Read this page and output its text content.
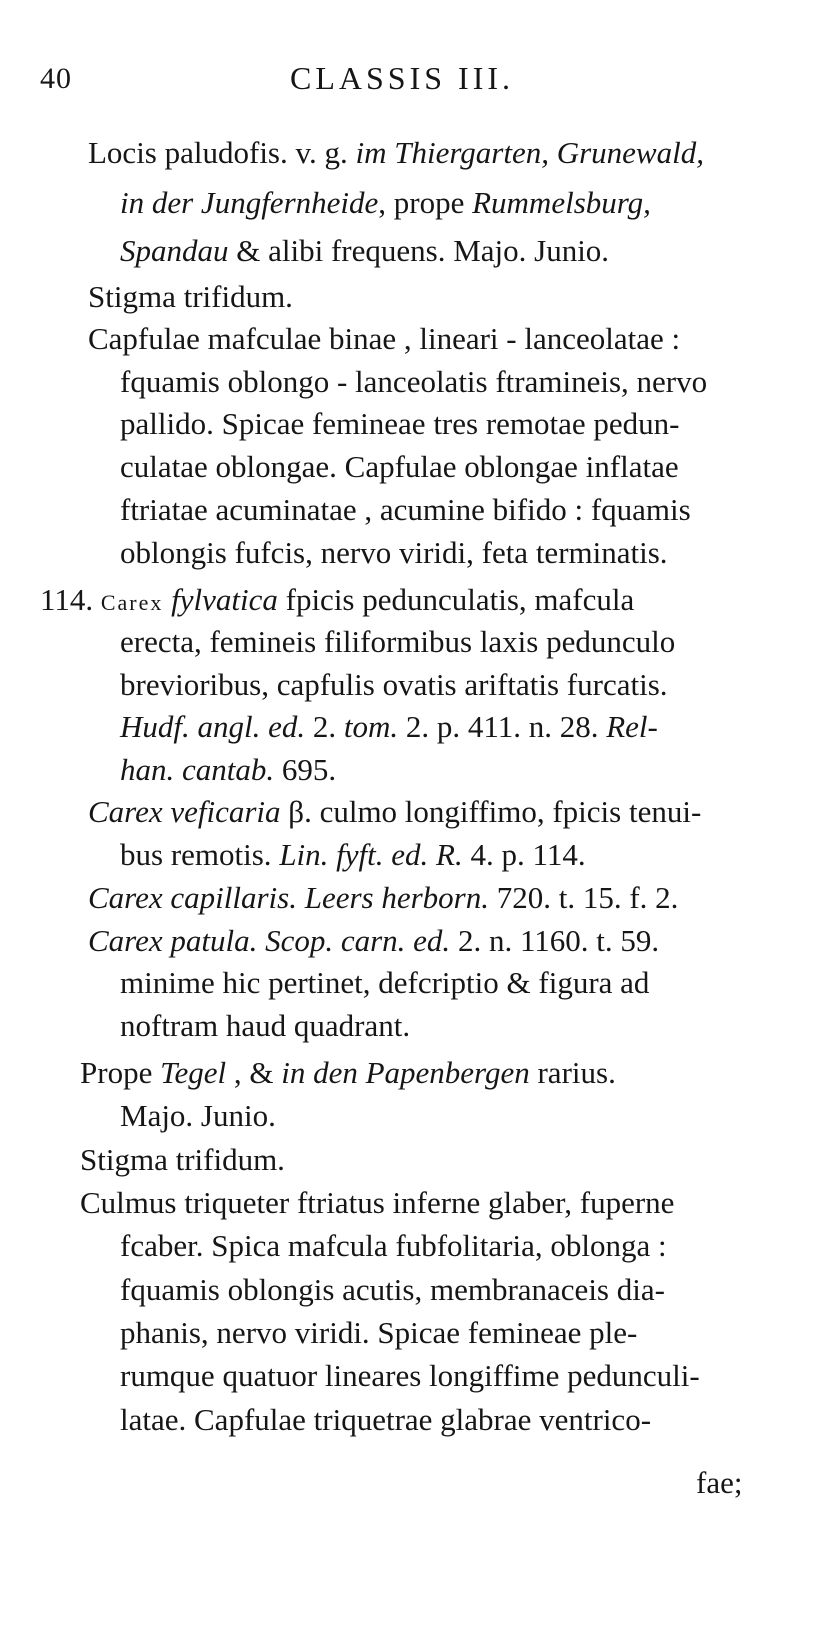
40	CLASSIS III.
Locis paludofis. v. g. im Thiergarten, Grunewald,
in der Jungfernheide, prope Rummelsburg,
Spandau & alibi frequens. Majo. Junio.
Stigma trifidum.
Capfulae mafculae binae , lineari - lanceolatae :
fquamis oblongo - lanceolatis ftramineis, nervo
pallido. Spicae femineae tres remotae pedun-
culatae oblongae. Capfulae oblongae inflatae
ftriatae acuminatae , acumine bifido : fquamis
oblongis fufcis, nervo viridi, feta terminatis.
114. Carex fylvatica fpicis pedunculatis, mafcula
erecta, femineis filiformibus laxis pedunculo
brevioribus, capfulis ovatis ariftatis furcatis.
Hudf. angl. ed. 2. tom. 2. p. 411. n. 28. Rel-
han. cantab. 695.
Carex veficaria β. culmo longiffimo, fpicis tenui-
bus remotis. Lin. fyft. ed. R. 4. p. 114.
Carex capillaris. Leers herborn. 720. t. 15. f. 2.
Carex patula. Scop. carn. ed. 2. n. 1160. t. 59.
minime hic pertinet, defcriptio & figura ad
noftram haud quadrant.
Prope Tegel , & in den Papenbergen rarius.
Majo. Junio.
Stigma trifidum.
Culmus triqueter ftriatus inferne glaber, fuperne
fcaber. Spica mafcula fubfolitaria, oblonga :
fquamis oblongis acutis, membranaceis dia-
phanis, nervo viridi. Spicae femineae ple-
rumque quatuor lineares longiffime pedunculi-
latae. Capfulae triquetrae glabrae ventrico-
fae;
